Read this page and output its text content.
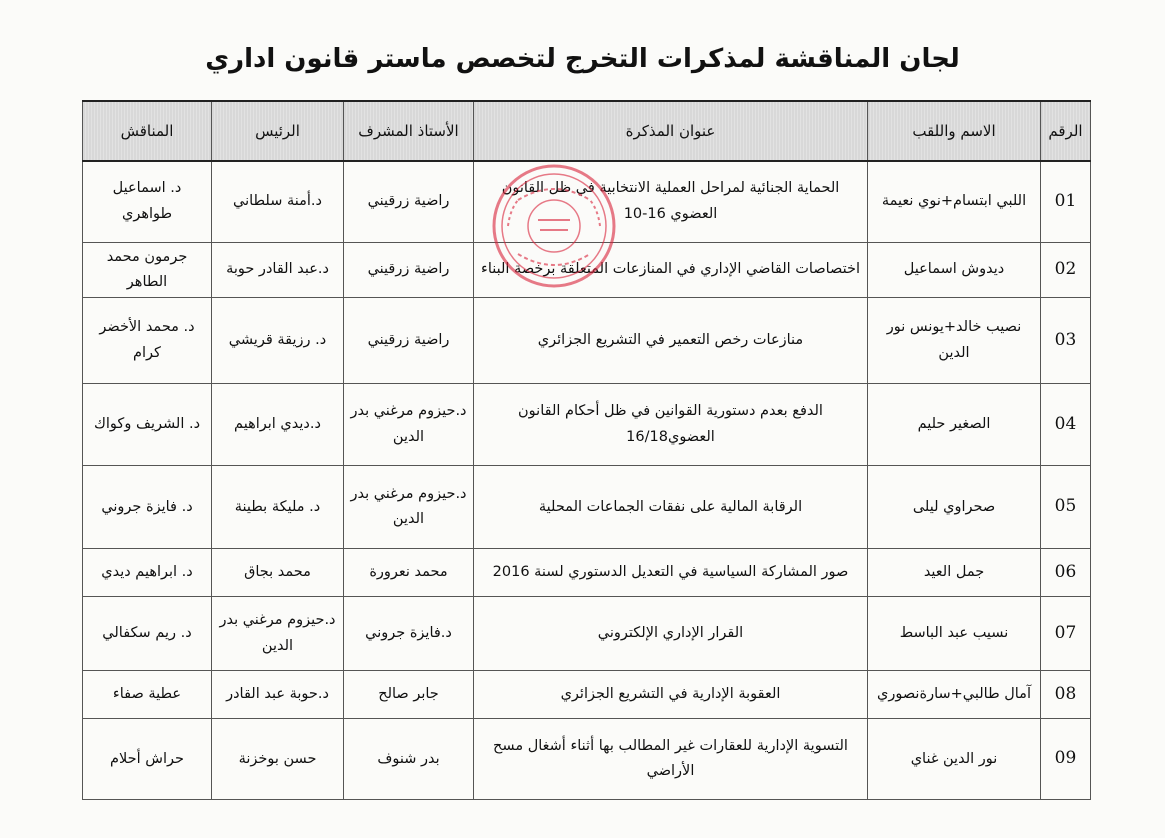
لجان المناقشة لمذكرات التخرج لتخصص ماستر قانون اداري
الرقم	الاسم واللقب	عنوان المذكرة	الأستاذ المشرف	الرئيس	المناقش
01	اللبي ابتسام+نوي نعيمة	الحماية الجنائية لمراحل العملية الانتخابية في ظل القانون العضوي 16-10	راضية زرقيني	د.أمنة سلطاني	د. اسماعيل طواهري
02	ديدوش اسماعيل	اختصاصات القاضي الإداري في المنازعات المتعلقة برخصة البناء	راضية زرقيني	د.عبد القادر حوبة	جرمون محمد الطاهر
03	نصيب خالد+يونس نور الدين	منازعات رخص التعمير في التشريع الجزائري	راضية زرقيني	د. رزيقة قريشي	د. محمد الأخضر كرام
04	الصغير حليم	الدفع بعدم دستورية القوانين في ظل أحكام القانون العضوي16/18	د.حيزوم مرغني بدر الدين	د.ديدي ابراهيم	د. الشريف وكواك
05	صحراوي ليلى	الرقابة المالية على نفقات الجماعات المحلية	د.حيزوم مرغني بدر الدين	د. مليكة بطينة	د. فايزة جروني
06	جمل العيد	صور المشاركة السياسية في التعديل الدستوري لسنة 2016	محمد نعرورة	محمد بجاق	د. ابراهيم ديدي
07	نسيب عبد الباسط	القرار الإداري الإلكتروني	د.فايزة جروني	د.حيزوم مرغني بدر الدين	د. ريم سكفالي
08	آمال طالبي+سارةنصوري	العقوبة الإدارية في التشريع الجزائري	جابر صالح	د.حوبة عبد القادر	عطية صفاء
09	نور الدين غناي	التسوية الإدارية للعقارات غير المطالب بها أثناء أشغال مسح الأراضي	بدر شنوف	حسن بوخزنة	حراش أحلام
